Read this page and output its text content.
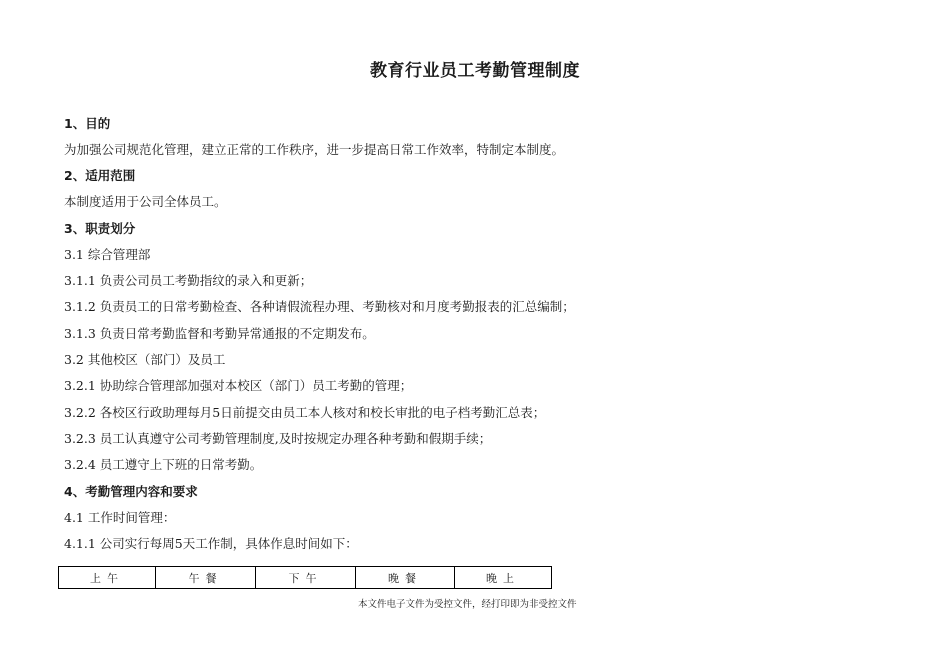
教育行业员工考勤管理制度
1、目的
为加强公司规范化管理，建立正常的工作秩序，进一步提高日常工作效率，特制定本制度。
2、适用范围
本制度适用于公司全体员工。
3、职责划分
3.1 综合管理部
3.1.1 负责公司员工考勤指纹的录入和更新；
3.1.2 负责员工的日常考勤检查、各种请假流程办理、考勤核对和月度考勤报表的汇总编制；
3.1.3 负责日常考勤监督和考勤异常通报的不定期发布。
3.2 其他校区（部门）及员工
3.2.1 协助综合管理部加强对本校区（部门）员工考勤的管理；
3.2.2 各校区行政助理每月5日前提交由员工本人核对和校长审批的电子档考勤汇总表；
3.2.3 员工认真遵守公司考勤管理制度,及时按规定办理各种考勤和假期手续；
3.2.4 员工遵守上下班的日常考勤。
4、考勤管理内容和要求
4.1 工作时间管理：
4.1.1 公司实行每周5天工作制，具体作息时间如下：
上午	午餐	下午	晚餐	晚上
本文件电子文件为受控文件，经打印即为非受控文件
